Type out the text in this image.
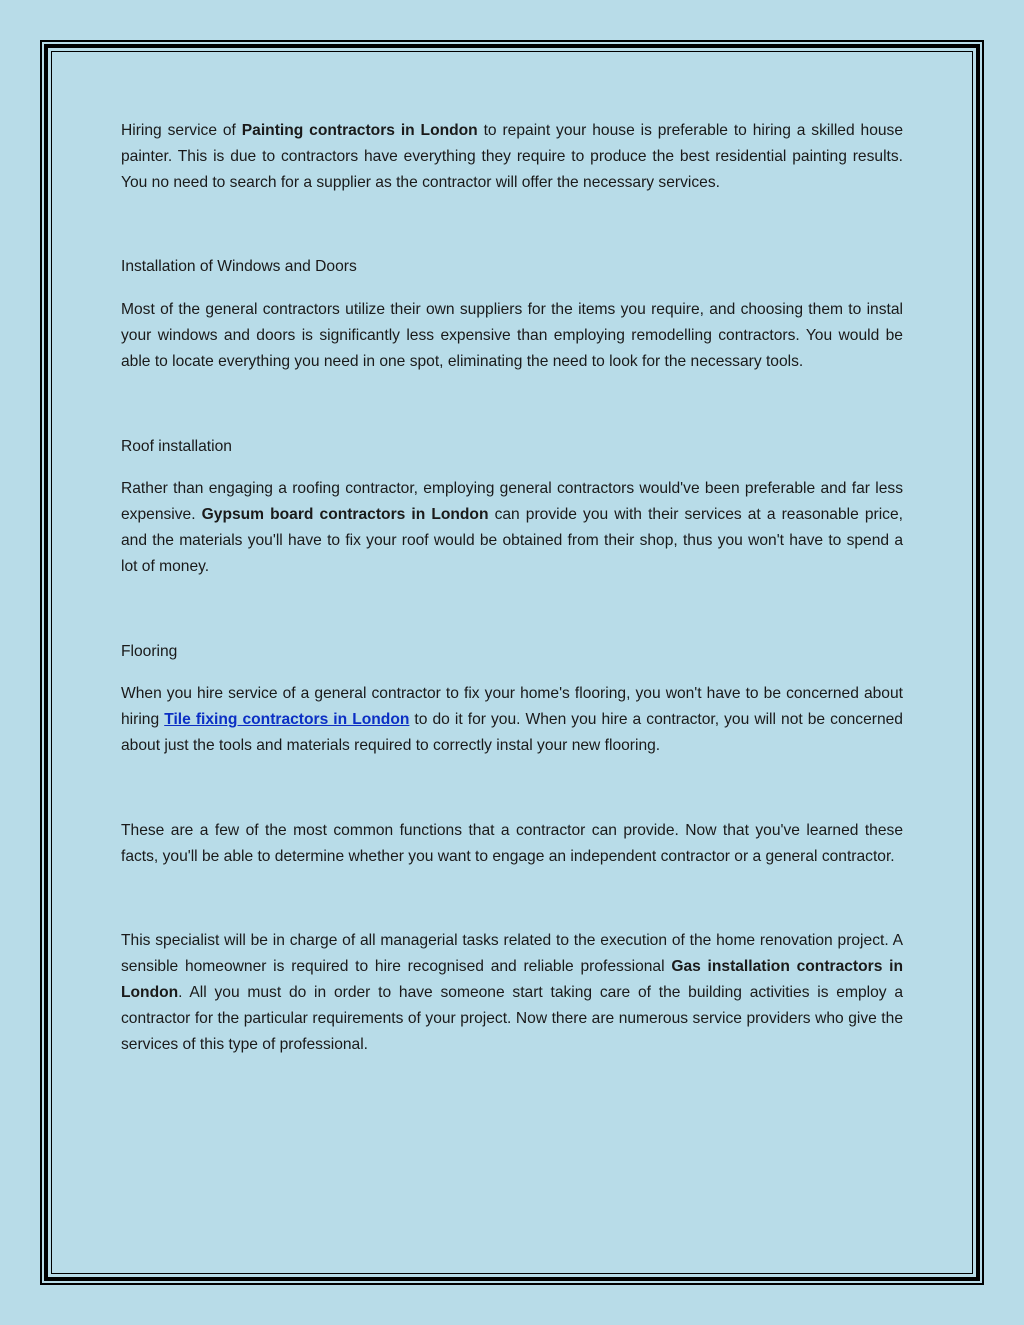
Hiring service of Painting contractors in London to repaint your house is preferable to hiring a skilled house painter. This is due to contractors have everything they require to produce the best residential painting results. You no need to search for a supplier as the contractor will offer the necessary services.

Installation of Windows and Doors

Most of the general contractors utilize their own suppliers for the items you require, and choosing them to instal your windows and doors is significantly less expensive than employing remodelling contractors. You would be able to locate everything you need in one spot, eliminating the need to look for the necessary tools.

Roof installation

Rather than engaging a roofing contractor, employing general contractors would've been preferable and far less expensive. Gypsum board contractors in London can provide you with their services at a reasonable price, and the materials you'll have to fix your roof would be obtained from their shop, thus you won't have to spend a lot of money.

Flooring

When you hire service of a general contractor to fix your home's flooring, you won't have to be concerned about hiring Tile fixing contractors in London to do it for you. When you hire a contractor, you will not be concerned about just the tools and materials required to correctly instal your new flooring.

These are a few of the most common functions that a contractor can provide. Now that you've learned these facts, you'll be able to determine whether you want to engage an independent contractor or a general contractor.

This specialist will be in charge of all managerial tasks related to the execution of the home renovation project. A sensible homeowner is required to hire recognised and reliable professional Gas installation contractors in London. All you must do in order to have someone start taking care of the building activities is employ a contractor for the particular requirements of your project. Now there are numerous service providers who give the services of this type of professional.
